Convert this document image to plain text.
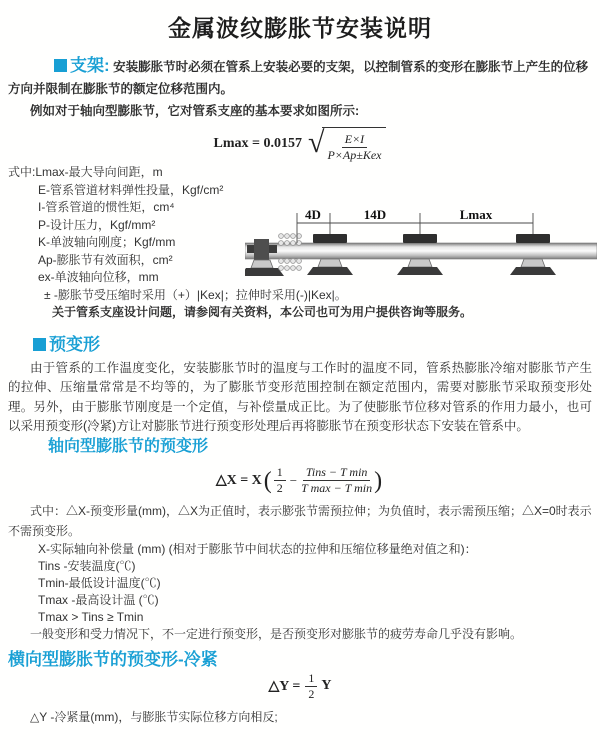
金属波纹膨胀节安装说明

支架: 安装膨胀节时必须在管系上安装必要的支架，以控制管系的变形在膨胀节上产生的位移方向并限制在膨胀节的额定位移范围内。

例如对于轴向型膨胀节，它对管系支座的基本要求如图所示:

Lmax = 0.0157 √ $\frac{E\times I}{\text{P×Ap±Kex}}$
式中:Lmax-最大导向间距，m
E-管系管道材料弹性投量，Kgf/cm²
I-管系管道的惯性矩，cm⁴
P-设计压力，Kgf/mm²
K-单波轴向刚度；Kgf/mm
Ap-膨胀节有效面积，cm²
ex-单波轴向位移，mm
± -膨胀节受压缩时采用（+）|Kex|；拉伸时采用(-)|Kex|。
关于管系支座设计问题，请参阅有关资料，本公司也可为用户提供咨询等服务。
4D	14D	Lmax
预变形

由于管系的工作温度变化，安装膨胀节时的温度与工作时的温度不同，管系热膨胀冷缩对膨胀节产生的拉伸、压缩量常常是不均等的，为了膨胀节变形范围控制在额定范围内，需要对膨胀节采取预变形处理。另外，由于膨胀节刚度是一个定值，与补偿量成正比。为了使膨胀节位移对管系的作用力最小，也可以采用预变形(冷紧)方让对膨胀节进行预变形处理后再将膨胀节在预变形状态下安装在管系中。

轴向型膨胀节的预变形
△X = X ( $\frac{1}{2} - \frac{\text{Tins − T min}}{\text{T max − T min}}$ )

式中：△X-预变形量(mm)，△X为正值时，表示膨张节需预拉伸；为负值时，表示需预压缩；△X=0时表示不需预变形。

X-实际轴向补偿量 (mm) (相对于膨胀节中间状态的拉伸和压缩位移量绝对值之和)：
Tins -安装温度(℃)
Tmin-最低设计温度(℃)
Tmax -最高设计温 (℃)
Tmax > Tins ≥ Tmin

一般变形和受力情况下，不一定进行预变形，是否预变形对膨胀节的疲劳寿命几乎没有影响。

横向型膨胀节的预变形-冷紧
△Y = $\frac{1}{2}$ Y
△Y -冷紧量(mm)，与膨胀节实际位移方向相反;
